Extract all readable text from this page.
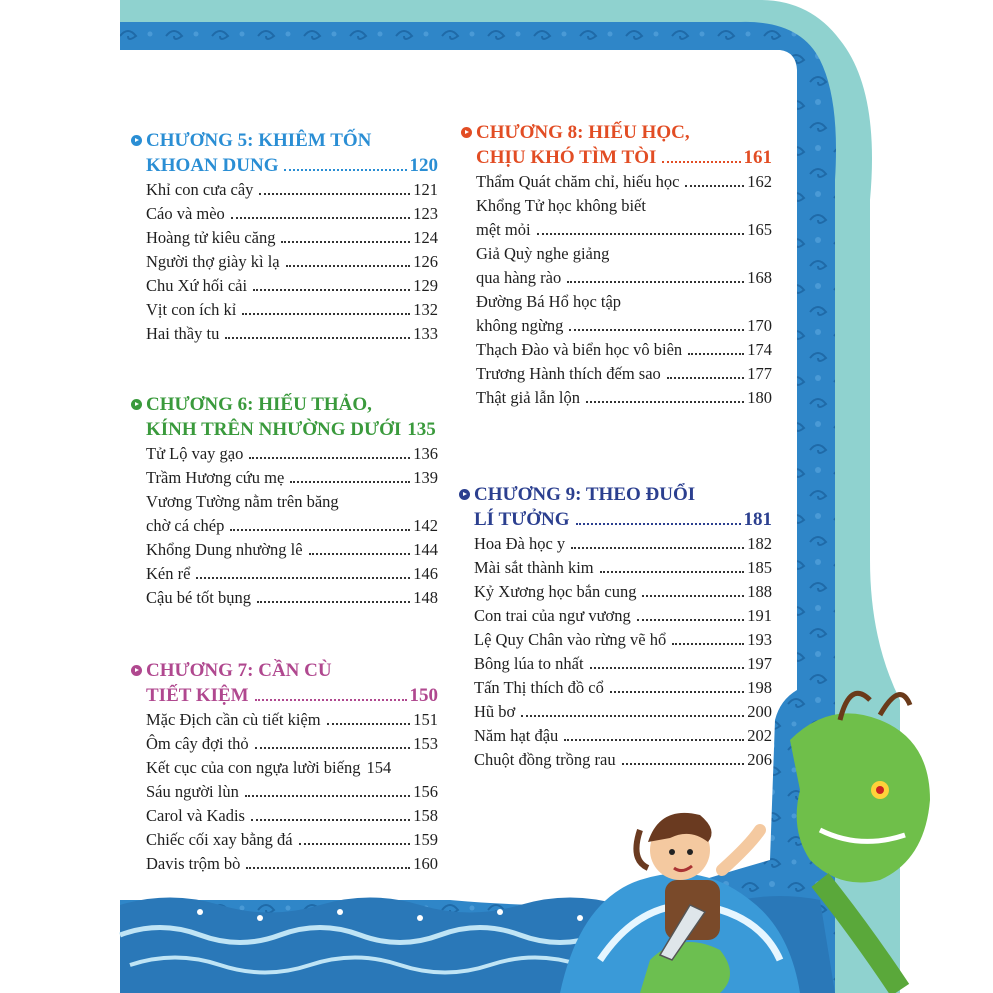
CHƯƠNG 5: KHIÊM TỐN
KHOAN DUNG	120
Khỉ con cưa cây	121
Cáo và mèo	123
Hoàng tử kiêu căng	124
Người thợ giày kì lạ	126
Chu Xứ hối cải	129
Vịt con ích kỉ	132
Hai thầy tu	133
CHƯƠNG 6: HIẾU THẢO,
KÍNH TRÊN NHƯỜNG DƯỚI 135
Tử Lộ vay gạo	136
Trầm Hương cứu mẹ	139
Vương Tường nằm trên băng
chờ cá chép	142
Khổng Dung nhường lê	144
Kén rể	146
Cậu bé tốt bụng	148
CHƯƠNG 7: CẦN CÙ
TIẾT KIỆM	150
Mặc Địch cần cù tiết kiệm	151
Ôm cây đợi thỏ	153
Kết cục của con ngựa lười biếng 154
Sáu người lùn	156
Carol và Kadis	158
Chiếc cối xay bằng đá	159
Davis trộm bò	160
CHƯƠNG 8: HIẾU HỌC,
CHỊU KHÓ TÌM TÒI	161
Thẩm Quát chăm chỉ, hiếu học	162
Khổng Tử học không biết
mệt mỏi	165
Giả Quỳ nghe giảng
qua hàng rào	168
Đường Bá Hổ học tập
không ngừng	170
Thạch Đào và biển học vô biên	174
Trương Hành thích đếm sao	177
Thật giả lẫn lộn	180
CHƯƠNG 9: THEO ĐUỔI
LÍ TƯỞNG	181
Hoa Đà học y	182
Mài sắt thành kim	185
Kỷ Xương học bắn cung	188
Con trai của ngư vương	191
Lệ Quy Chân vào rừng vẽ hổ	193
Bông lúa to nhất	197
Tấn Thị thích đồ cổ	198
Hũ bơ	200
Năm hạt đậu	202
Chuột đồng trồng rau	206
